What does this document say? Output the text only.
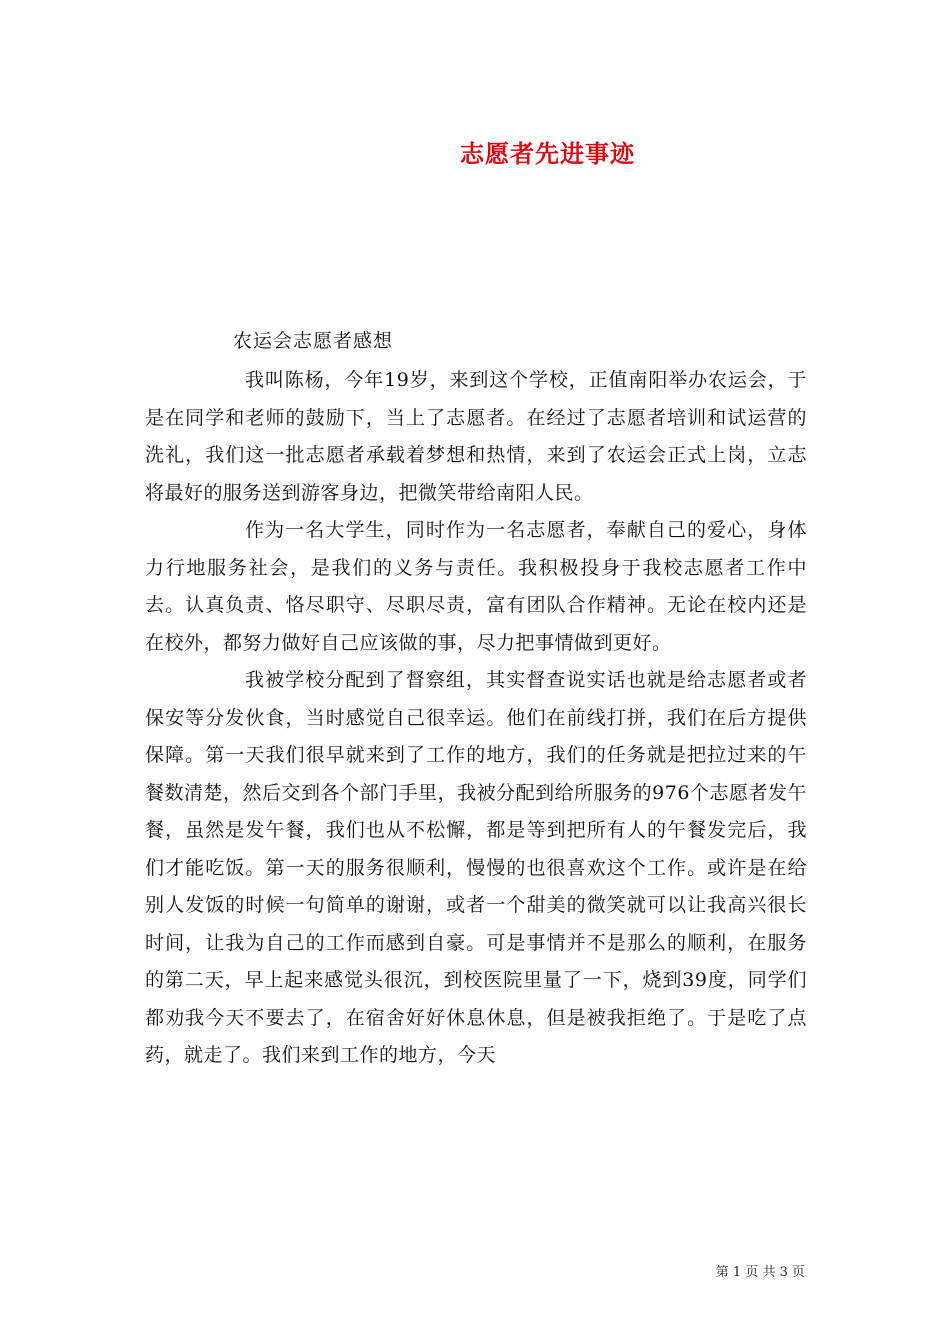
志愿者先进事迹
农运会志愿者感想

我叫陈杨，今年19岁，来到这个学校，正值南阳举办农运会，于是在同学和老师的鼓励下，当上了志愿者。在经过了志愿者培训和试运营的洗礼，我们这一批志愿者承载着梦想和热情，来到了农运会正式上岗，立志将最好的服务送到游客身边，把微笑带给南阳人民。

作为一名大学生，同时作为一名志愿者，奉献自己的爱心，身体力行地服务社会，是我们的义务与责任。我积极投身于我校志愿者工作中去。认真负责、恪尽职守、尽职尽责，富有团队合作精神。无论在校内还是在校外，都努力做好自己应该做的事，尽力把事情做到更好。

我被学校分配到了督察组，其实督查说实话也就是给志愿者或者保安等分发伙食，当时感觉自己很幸运。他们在前线打拼，我们在后方提供保障。第一天我们很早就来到了工作的地方，我们的任务就是把拉过来的午餐数清楚，然后交到各个部门手里，我被分配到给所服务的976个志愿者发午餐，虽然是发午餐，我们也从不松懈，都是等到把所有人的午餐发完后，我们才能吃饭。第一天的服务很顺利，慢慢的也很喜欢这个工作。或许是在给别人发饭的时候一句简单的谢谢，或者一个甜美的微笑就可以让我高兴很长时间，让我为自己的工作而感到自豪。可是事情并不是那么的顺利，在服务的第二天，早上起来感觉头很沉，到校医院里量了一下，烧到39度，同学们都劝我今天不要去了，在宿舍好好休息休息，但是被我拒绝了。于是吃了点药，就走了。我们来到工作的地方，今天

第 1 页 共 3 页
